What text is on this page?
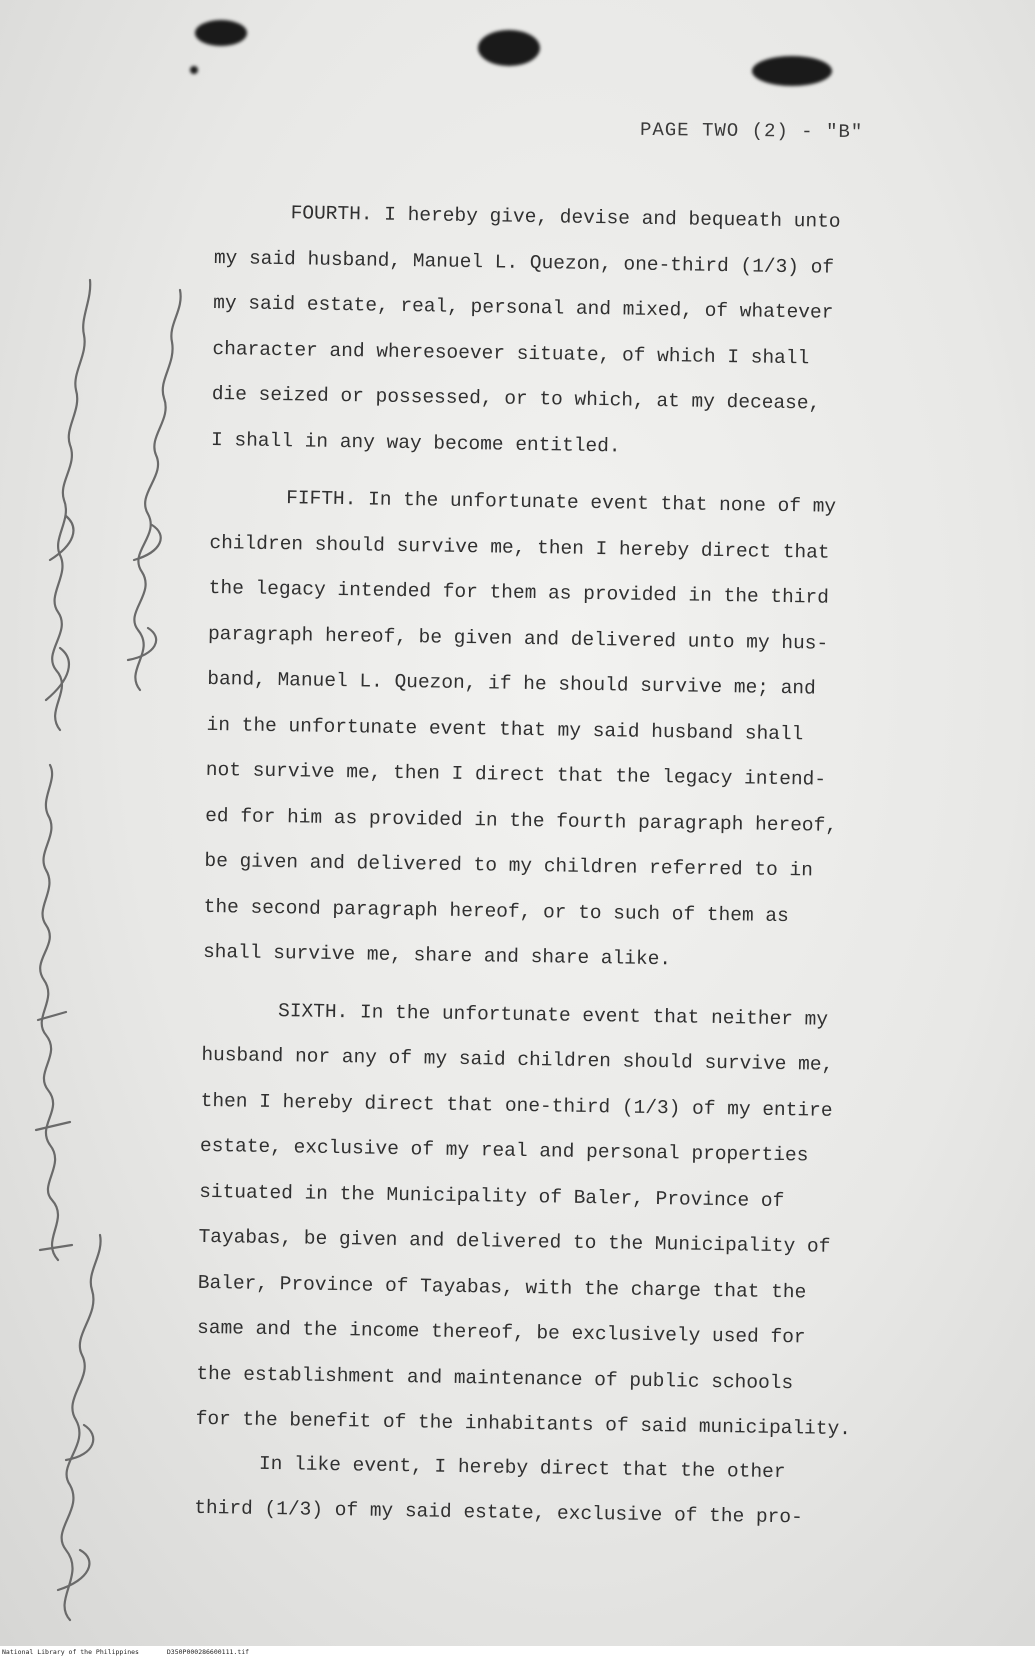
PAGE TWO (2) - "B"
FOURTH. I hereby give, devise and bequeath unto
my said husband, Manuel L. Quezon, one-third (1/3) of
my said estate, real, personal and mixed, of whatever
character and wheresoever situate, of which I shall
die seized or possessed, or to which, at my decease,
I shall in any way become entitled.
FIFTH. In the unfortunate event that none of my
children should survive me, then I hereby direct that
the legacy intended for them as provided in the third
paragraph hereof, be given and delivered unto my hus-
band, Manuel L. Quezon, if he should survive me; and
in the unfortunate event that my said husband shall
not survive me, then I direct that the legacy intend-
ed for him as provided in the fourth paragraph hereof,
be given and delivered to my children referred to in
the second paragraph hereof, or to such of them as
shall survive me, share and share alike.
SIXTH. In the unfortunate event that neither my
husband nor any of my said children should survive me,
then I hereby direct that one-third (1/3) of my entire
estate, exclusive of my real and personal properties
situated in the Municipality of Baler, Province of
Tayabas, be given and delivered to the Municipality of
Baler, Province of Tayabas, with the charge that the
same and the income thereof, be exclusively used for
the establishment and maintenance of public schools
for the benefit of the inhabitants of said municipality.
In like event, I hereby direct that the other
third (1/3) of my said estate, exclusive of the pro-
National Library of the Philippines	D350P000286600111.tif
